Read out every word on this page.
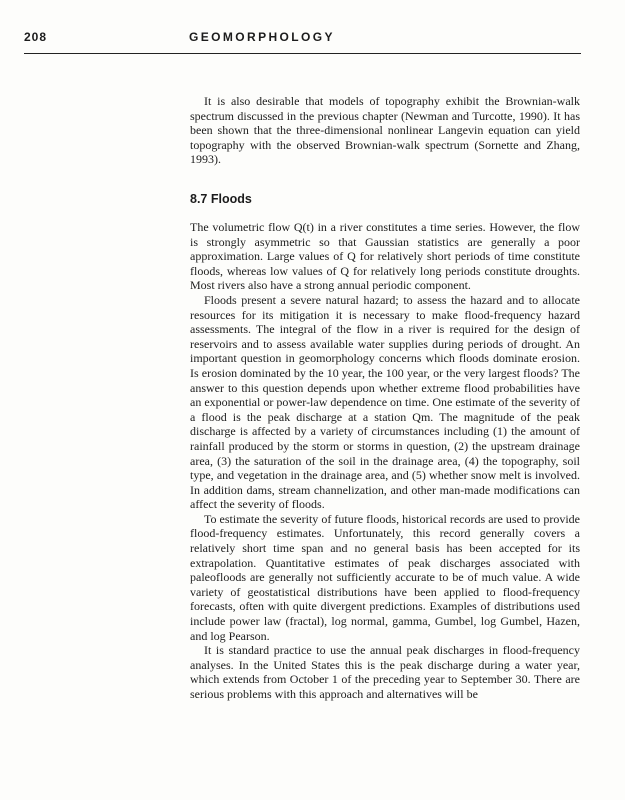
208	GEOMORPHOLOGY

It is also desirable that models of topography exhibit the Brownian-walk spectrum discussed in the previous chapter (Newman and Turcotte, 1990). It has been shown that the three-dimensional nonlinear Langevin equation can yield topography with the observed Brownian-walk spectrum (Sornette and Zhang, 1993).

8.7 Floods

The volumetric flow Q(t) in a river constitutes a time series. However, the flow is strongly asymmetric so that Gaussian statistics are generally a poor approximation. Large values of Q for relatively short periods of time constitute floods, whereas low values of Q for relatively long periods constitute droughts. Most rivers also have a strong annual periodic component.

Floods present a severe natural hazard; to assess the hazard and to allocate resources for its mitigation it is necessary to make flood-frequency hazard assessments. The integral of the flow in a river is required for the design of reservoirs and to assess available water supplies during periods of drought. An important question in geomorphology concerns which floods dominate erosion. Is erosion dominated by the 10 year, the 100 year, or the very largest floods? The answer to this question depends upon whether extreme flood probabilities have an exponential or power-law dependence on time. One estimate of the severity of a flood is the peak discharge at a station Qm. The magnitude of the peak discharge is affected by a variety of circumstances including (1) the amount of rainfall produced by the storm or storms in question, (2) the upstream drainage area, (3) the saturation of the soil in the drainage area, (4) the topography, soil type, and vegetation in the drainage area, and (5) whether snow melt is involved. In addition dams, stream channelization, and other man-made modifications can affect the severity of floods.

To estimate the severity of future floods, historical records are used to provide flood-frequency estimates. Unfortunately, this record generally covers a relatively short time span and no general basis has been accepted for its extrapolation. Quantitative estimates of peak discharges associated with paleofloods are generally not sufficiently accurate to be of much value. A wide variety of geostatistical distributions have been applied to flood-frequency forecasts, often with quite divergent predictions. Examples of distributions used include power law (fractal), log normal, gamma, Gumbel, log Gumbel, Hazen, and log Pearson.

It is standard practice to use the annual peak discharges in flood-frequency analyses. In the United States this is the peak discharge during a water year, which extends from October 1 of the preceding year to September 30. There are serious problems with this approach and alternatives will be
